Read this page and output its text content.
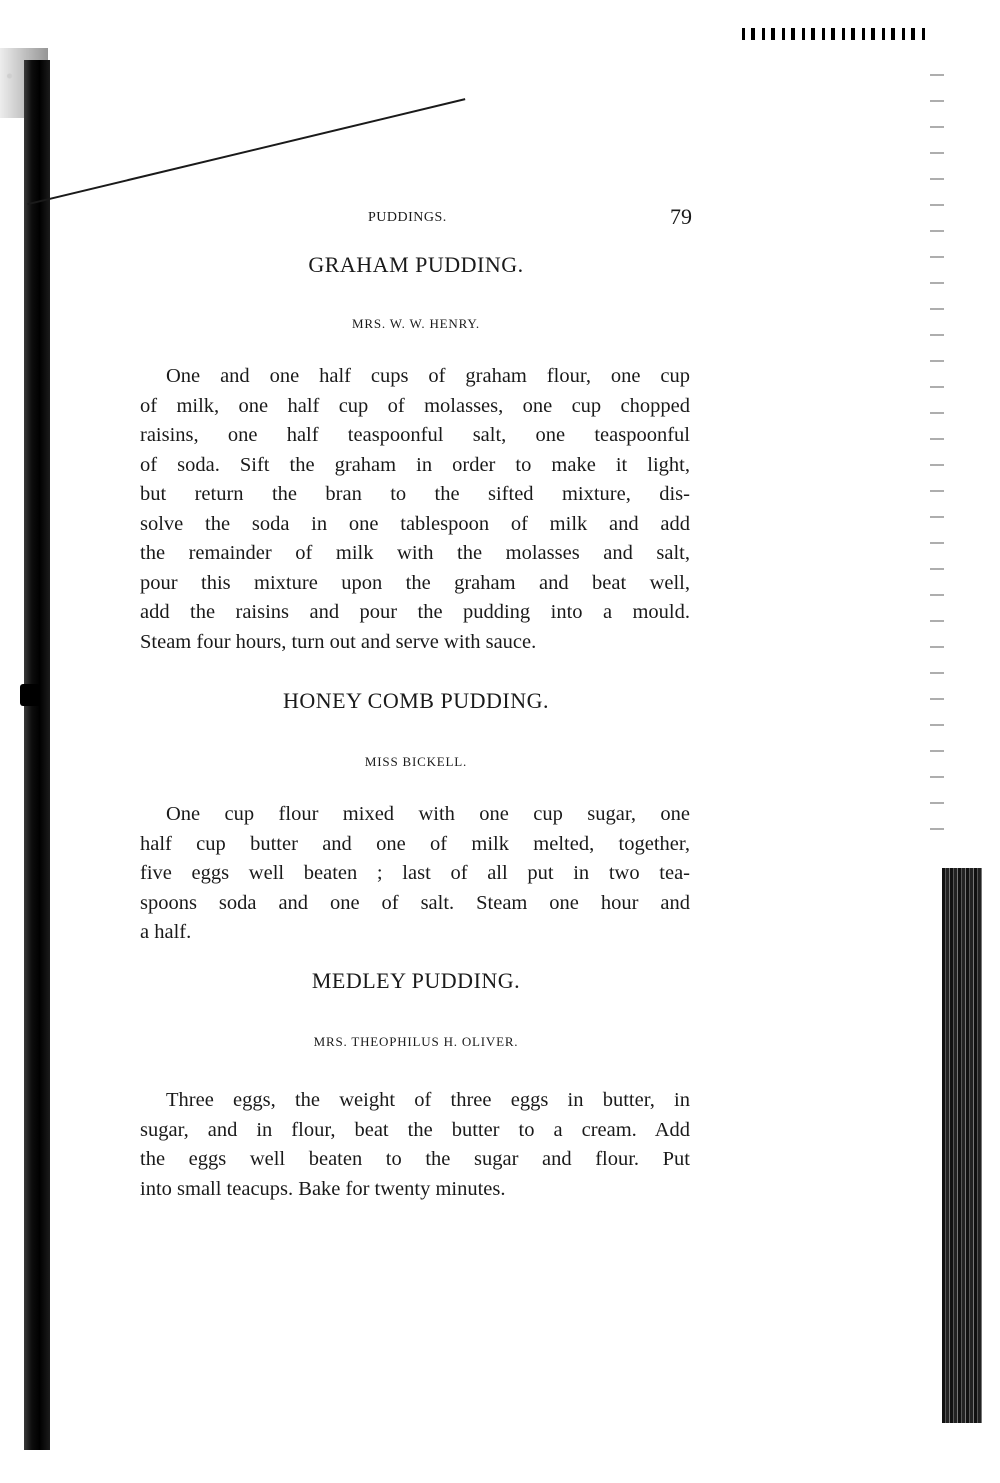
PUDDINGS.	79
GRAHAM PUDDING.

MRS. W. W. HENRY.

One and one half cups of graham flour, one cup
of milk, one half cup of molasses, one cup chopped
raisins, one half teaspoonful salt, one teaspoonful
of soda. Sift the graham in order to make it light,
but return the bran to the sifted mixture, dis-
solve the soda in one tablespoon of milk and add
the remainder of milk with the molasses and salt,
pour this mixture upon the graham and beat well,
add the raisins and pour the pudding into a mould.
Steam four hours, turn out and serve with sauce.
HONEY COMB PUDDING.

MISS BICKELL.

One cup flour mixed with one cup sugar, one
half cup butter and one of milk melted, together,
five eggs well beaten ; last of all put in two tea-
spoons soda and one of salt. Steam one hour and
a half.
MEDLEY PUDDING.

MRS. THEOPHILUS H. OLIVER.

Three eggs, the weight of three eggs in butter, in
sugar, and in flour, beat the butter to a cream. Add
the eggs well beaten to the sugar and flour. Put
into small teacups. Bake for twenty minutes.
